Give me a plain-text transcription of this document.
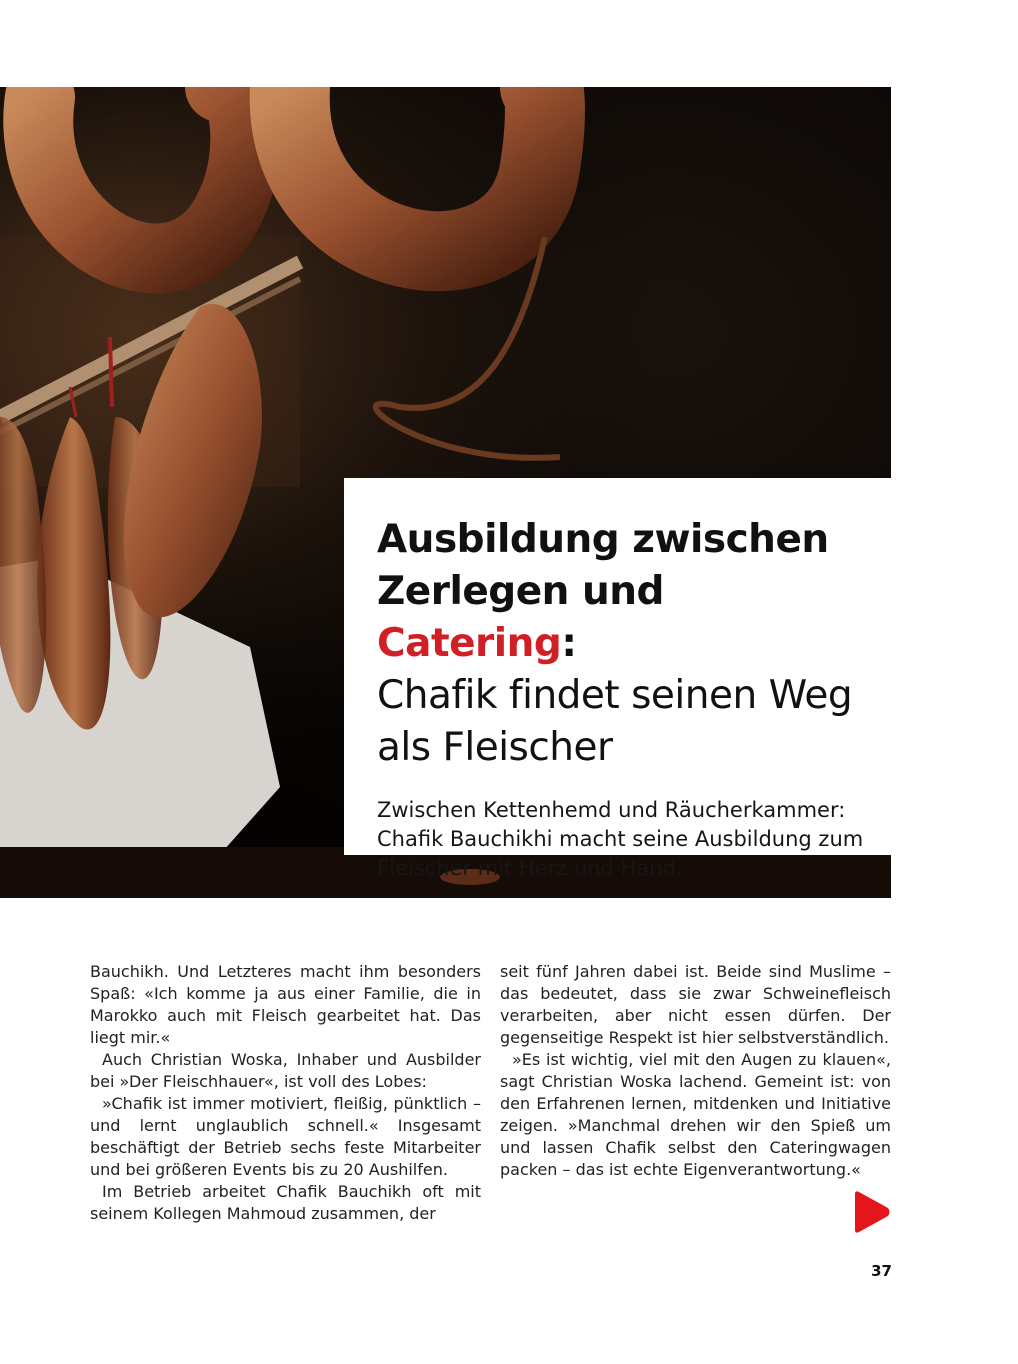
Ausbildung zwischen Zerlegen und Catering:
Chafik findet seinen Weg als Fleischer

Zwischen Kettenhemd und Räucherkammer: Chafik Bauchikhi macht seine Ausbildung zum Fleischer mit Herz und Hand.

Bauchikh. Und Letzteres macht ihm besonders Spaß: «Ich komme ja aus einer Familie, die in Marokko auch mit Fleisch gearbeitet hat. Das liegt mir.«

Auch Christian Woska, Inhaber und Ausbilder bei »Der Fleischhauer«, ist voll des Lobes:

»Chafik ist immer motiviert, fleißig, pünktlich – und lernt unglaublich schnell.« Insgesamt beschäftigt der Betrieb sechs feste Mitarbeiter und bei größeren Events bis zu 20 Aushilfen.

Im Betrieb arbeitet Chafik Bauchikh oft mit seinem Kollegen Mahmoud zusammen, der

seit fünf Jahren dabei ist. Beide sind Muslime – das bedeutet, dass sie zwar Schweinefleisch verarbeiten, aber nicht essen dürfen. Der gegenseitige Respekt ist hier selbstverständlich.

»Es ist wichtig, viel mit den Augen zu klauen«, sagt Christian Woska lachend. Gemeint ist: von den Erfahrenen lernen, mitdenken und Initiative zeigen. »Manchmal drehen wir den Spieß um und lassen Chafik selbst den Cateringwagen packen – das ist echte Eigenverantwortung.«

37
